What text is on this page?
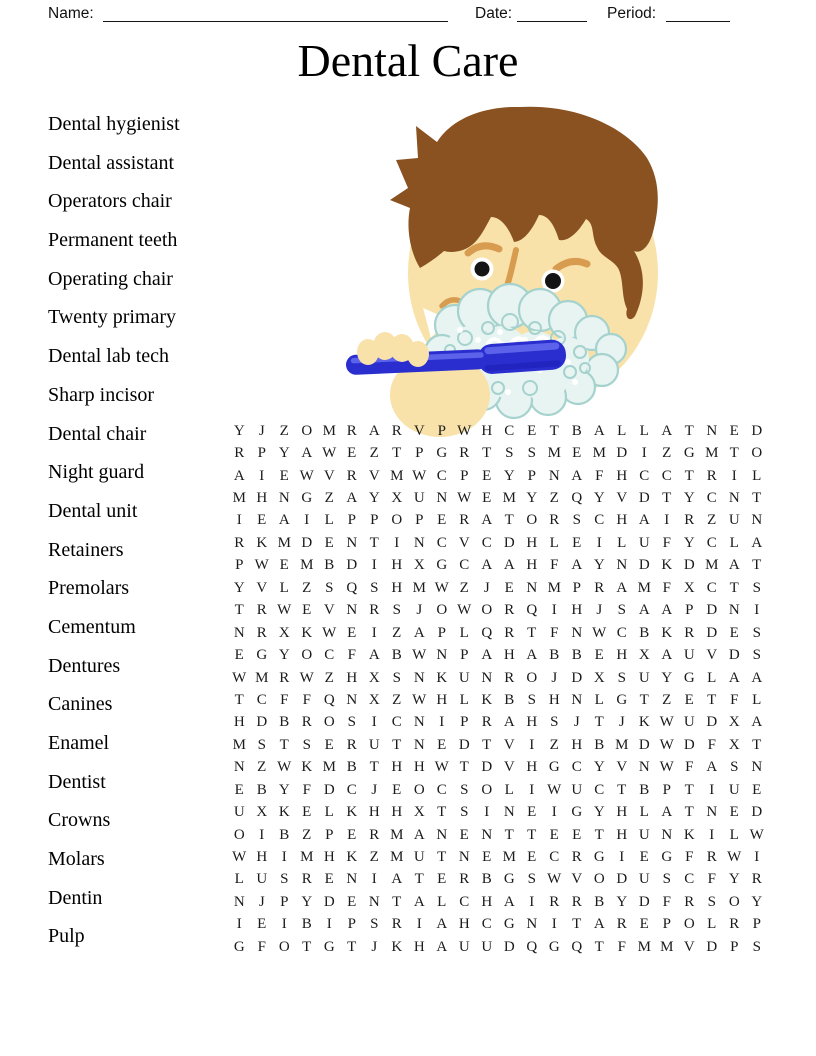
Name:	Date:	Period:
Dental Care
Dental hygienist
Dental assistant
Operators chair
Permanent teeth
Operating chair
Twenty primary
Dental lab tech
Sharp incisor
Dental chair
Night guard
Dental unit
Retainers
Premolars
Cementum
Dentures
Canines
Enamel
Dentist
Crowns
Molars
Dentin
Pulp
Y J Z O M R A R V P W H C E T B A L L A T N E D
R P Y A W E Z T P G R T S S M E M D I	Z G M T O
A I	E W V R V M W C P E Y P N A F H C C T R	I	L
M H N G Z A Y X U N W E M Y Z Q Y V D T Y C N T
I	E A I	L P P O P E R A T O R S C H A I R Z U N
R K M D E N T	I N C V C D H L E	I	L U F Y C L A
P W E M B D I H X G C A A H F A Y N D K D M A T
Y V L Z S Q S H M W Z	J E N M P R A M F X C T S
T R W E V N R S	J O W O R Q I H J	S A A P D N I
N R X K W E	I	Z A P L Q R T F N W C B K R D E S
E G Y O C F A B W N P A H A B B E H X A U V D S
W M R W Z H X S N K U N R O J D X S U Y G L A A
T C F F Q N X Z W H L K B S H N L G T Z E T F L
H D B R O S	I C N I	P R A H S	J T	J K W U D X A
M S T S E R U T N E D T V I	Z H B M D W D F X T
N Z W K M B T H H W T D V H G C Y V N W F A S N
E B Y F D C J E O C S O L	I W U C T B P T	I U E
U X K E L K H H X T S	I N E	I G Y H L A T N E D
O I B Z P E R M A N E N T T E E T H U N K I	L W
W H I M H K Z M U T N E M E C R G I	E G F R W I
L U S R E N I A T E R B G S W V O D U S C F Y R
N J	P Y D E N T A L C H A I R R B Y D F R S O Y
I	E	I B	I	P S R	I A H C G N I	T A R E P O L R P
G F O T G T	J K H A U U D Q G Q T F M M V D P S
